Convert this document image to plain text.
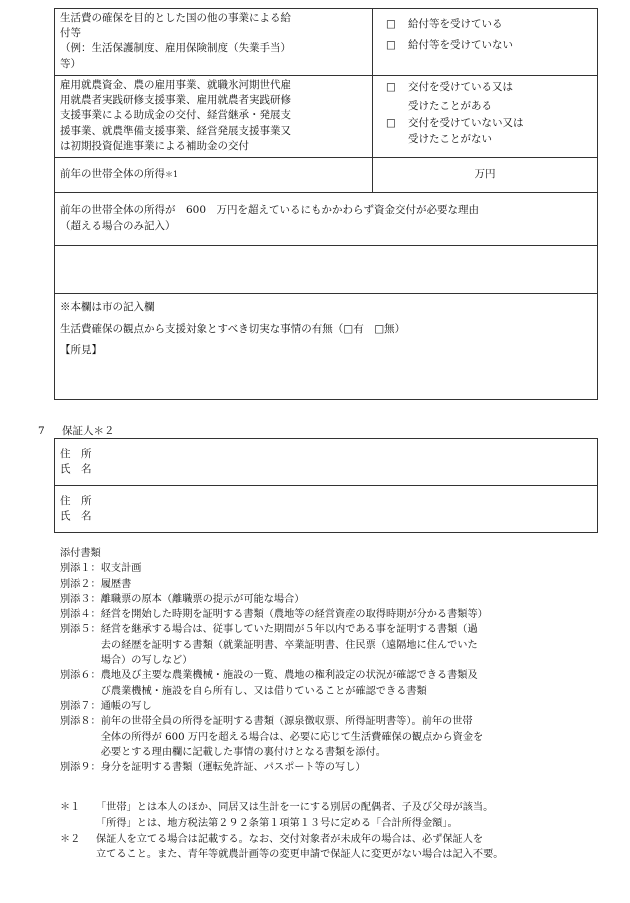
生活費の確保を目的とした国の他の事業による給
付等
（例：生活保護制度、雇用保険制度（失業手当）
等）	□ 給付等を受けている
□ 給付等を受けていない

雇用就農資金、農の雇用事業、就職氷河期世代雇
用就農者実践研修支援事業、雇用就農者実践研修
支援事業による助成金の交付、経営継承・発展支
援事業、就農準備支援事業、経営発展支援事業又
は初期投資促進事業による補助金の交付	□ 交付を受けている又は
受けたことがある
□ 交付を受けていない又は
受けたことがない

前年の世帯全体の所得＊1	万円

前年の世帯全体の所得が　600　万円を超えているにもかかわらず資金交付が必要な理由
（超える場合のみ記入）	

※本欄は市の記入欄
生活費確保の観点から支援対象とすべき切実な事情の有無（□有　□無）
【所見】	
7 保証人＊２
住　所
氏　名

住　所
氏　名
添付書類
別添１： 収支計画
別添２： 履歴書
別添３： 離職票の原本（離職票の提示が可能な場合）
別添４： 経営を開始した時期を証明する書類（農地等の経営資産の取得時期が分かる書類等）
別添５： 経営を継承する場合は、従事していた期間が５年以内である事を証明する書類（過
去の経歴を証明する書類（就業証明書、卒業証明書、住民票（遠隔地に住んでいた
場合）の写しなど）
別添６： 農地及び主要な農業機械・施設の一覧、農地の権利設定の状況が確認できる書類及
び農業機械・施設を自ら所有し、又は借りていることが確認できる書類
別添７： 通帳の写し
別添８： 前年の世帯全員の所得を証明する書類（源泉徴収票、所得証明書等）。前年の世帯
全体の所得が 600 万円を超える場合は、必要に応じて生活費確保の観点から資金を
必要とする理由欄に記載した事情の裏付けとなる書類を添付。
別添９： 身分を証明する書類（運転免許証、パスポート等の写し）
＊１	「世帯」とは本人のほか、同居又は生計を一にする別居の配偶者、子及び父母が該当。
「所得」とは、地方税法第２９２条第１項第１３号に定める「合計所得金額」。
＊２	保証人を立てる場合は記載する。なお、交付対象者が未成年の場合は、必ず保証人を
立てること。また、青年等就農計画等の変更申請で保証人に変更がない場合は記入不要。
